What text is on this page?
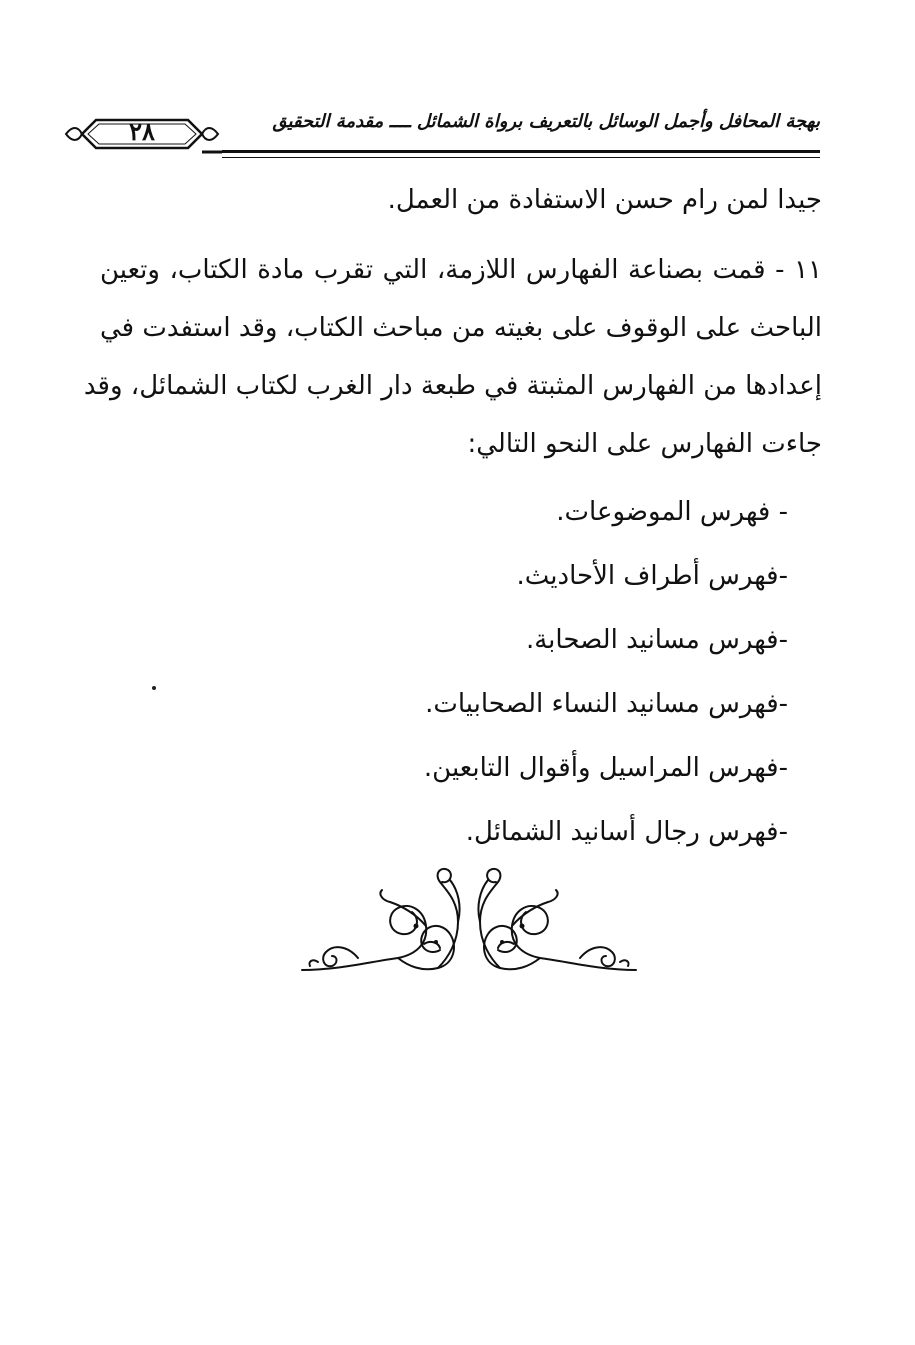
٢٨	بهجة المحافل وأجمل الوسائل بالتعريف برواة الشمائل ــــ مقدمة التحقيق
جيدا لمن رام حسن الاستفادة من العمل.
١١ - قمت بصناعة الفهارس اللازمة، التي تقرب مادة الكتاب، وتعين
الباحث على الوقوف على بغيته من مباحث الكتاب، وقد استفدت في
إعدادها من الفهارس المثبتة في طبعة دار الغرب لكتاب الشمائل، وقد
جاءت الفهارس على النحو التالي:
- فهرس الموضوعات.
-فهرس أطراف الأحاديث.
-فهرس مسانيد الصحابة.
-فهرس مسانيد النساء الصحابيات.
-فهرس المراسيل وأقوال التابعين.
-فهرس رجال أسانيد الشمائل.
